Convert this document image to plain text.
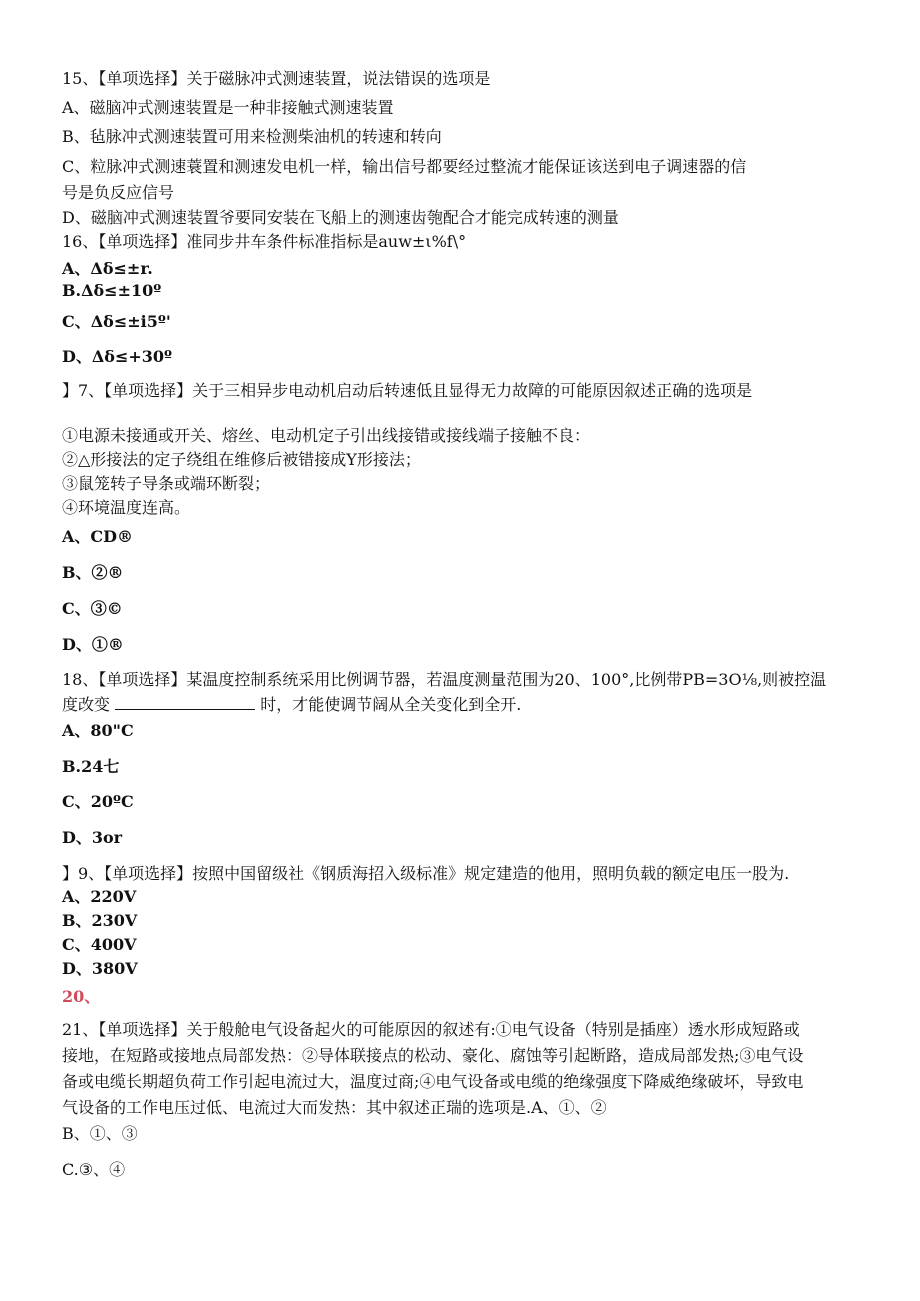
15、【单项选择】关于磁脉冲式测速装置，说法错误的选项是
A、磁脑冲式测速装置是一种非接触式测速装置
B、毡脉冲式测速装置可用来检测柴油机的转速和转向
C、粒脉冲式测速蓑置和测速发电机一样，输出信号都要经过整流才能保证该送到电子调速器的信
号是负反应信号
D、磁脑冲式测速装置爷要同安装在飞船上的测速齿匏配合才能完成转速的测量
16、【单项选择】准同步井车条件标准指标是auw±ι%f\°
A、Δδ≤±r.
B.Δδ≤±10º
C、Δδ≤±i5º'
D、Δδ≤+30º
】7、【单项选择】关于三相异步电动机启动后转速低且显得无力故障的可能原因叙述正确的选项是
①电源未接通或开关、熔丝、电动机定子引出线接错或接线端子接触不良：
②△形接法的定子绕组在维修后被错接成Y形接法；
③鼠笼转子导条或端环断裂；
④环境温度连高。
A、CD®
B、②®
C、③©
D、①®
18、【单项选择】某温度控制系统采用比例调节器，若温度测量范围为20、100°,比例带PB=3O⅛,则被控温
度改变	时，才能使调节阔从全关变化到全开.
A、80"C
B.24七
C、20ºC
D、3or
】9、【单项选择】按照中国留级社《钢质海招入级标准》规定建造的他用，照明负载的额定电压一股为.
A、220V
B、230V
C、400V
D、380V
20、
21、【单项选择】关于般舱电气设备起火的可能原因的叙述有:①电气设备（特别是插座）透水形成短路或
接地，在短路或接地点局部发热：②导体联接点的松动、豪化、腐蚀等引起断路，造成局部发热;③电气设
备或电缆长期超负荷工作引起电流过大，温度过商;④电气设备或电缆的绝缘强度下降威绝缘破坏，导致电
气设备的工作电压过低、电流过大而发热：其中叙述正瑞的选项是.A、①、②
B、①、③
C.③、④
